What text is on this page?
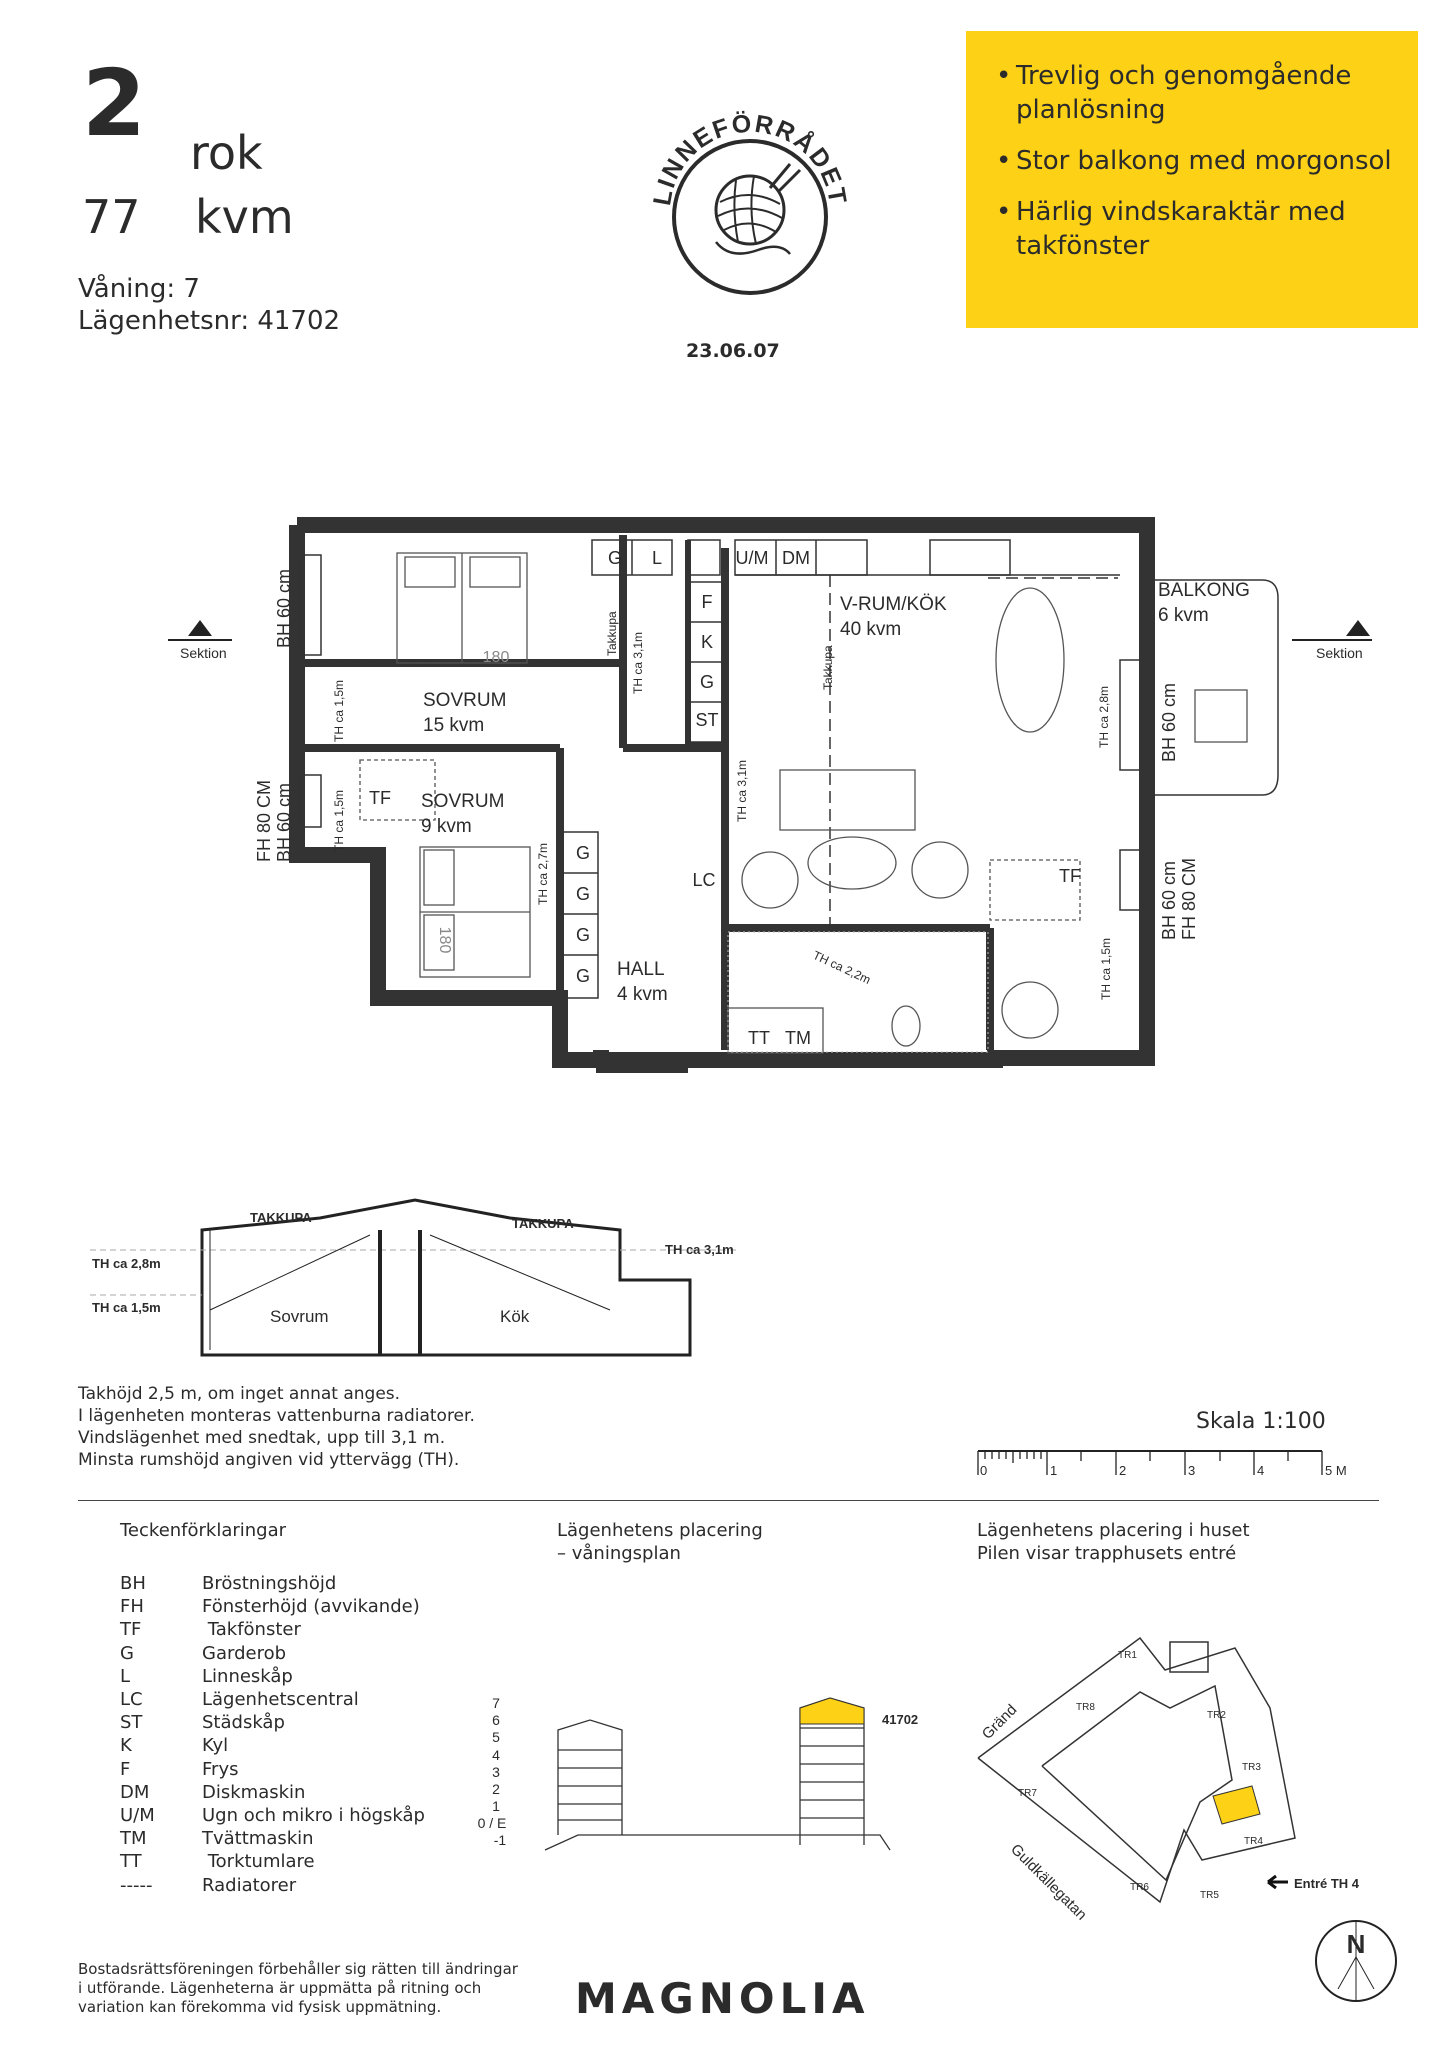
2 rok
77 kvm
Våning: 7
Lägenhetsnr: 41702
LINNEFÖRRÅDET
23.06.07
• Trevlig och genomgående planlösning
• Stor balkong med morgonsol
• Härlig vindskaraktär med takfönster
SOVRUM
15 kvm
SOVRUM
9 kvm
V-RUM/KÖK
40 kvm
BALKONG
6 kvm
HALL
4 kvm
G L	U/M DM
F
K
G
ST
G
G
G
G
LC
TT TM
TF
TF
180
180
Sektion	Sektion
BH 60 cm
FH 80 CM BH 60 cm
BH 60 cm
BH 60 cm FH 80 CM
TH ca 1,5m
TH ca 3,1m
TH ca 1,5m
TH ca 2,7m
TH ca 3,1m
TH ca 2,8m
TH ca 1,5m
TH ca 2,2m
Takkupa
Takkupa
TAKKUPA	TAKKUPA
TH ca 2,8m
TH ca 1,5m
TH ca 3,1m
Sovrum	Kök
Takhöjd 2,5 m, om inget annat anges.
I lägenheten monteras vattenburna radiatorer.
Vindslägenhet med snedtak, upp till 3,1 m.
Minsta rumshöjd angiven vid yttervägg (TH).
Skala 1:100
0	1	2	3	4	5 M
Teckenförklaringar
BH	Bröstningshöjd
FH	Fönsterhöjd (avvikande)
TF	Takfönster
G	Garderob
L	Linneskåp
LC	Lägenhetscentral
ST	Städskåp
K	Kyl
F	Frys
DM	Diskmaskin
U/M	Ugn och mikro i högskåp
TM	Tvättmaskin
TT	Torktumlare
-----	Radiatorer
Lägenhetens placering
– våningsplan
7
6
5
4
3
2
1
0 / E
-1
41702
Lägenhetens placering i huset
Pilen visar trapphusets entré
TR1
TR2
TR3
TR4
TR5
TR6
TR7
TR8
Gränd
Guldkällegatan	Entré TH 4
N
Bostadsrättsföreningen förbehåller sig rätten till ändringar
i utförande. Lägenheterna är uppmätta på ritning och
variation kan förekomma vid fysisk uppmätning.	MAGNOLIA
